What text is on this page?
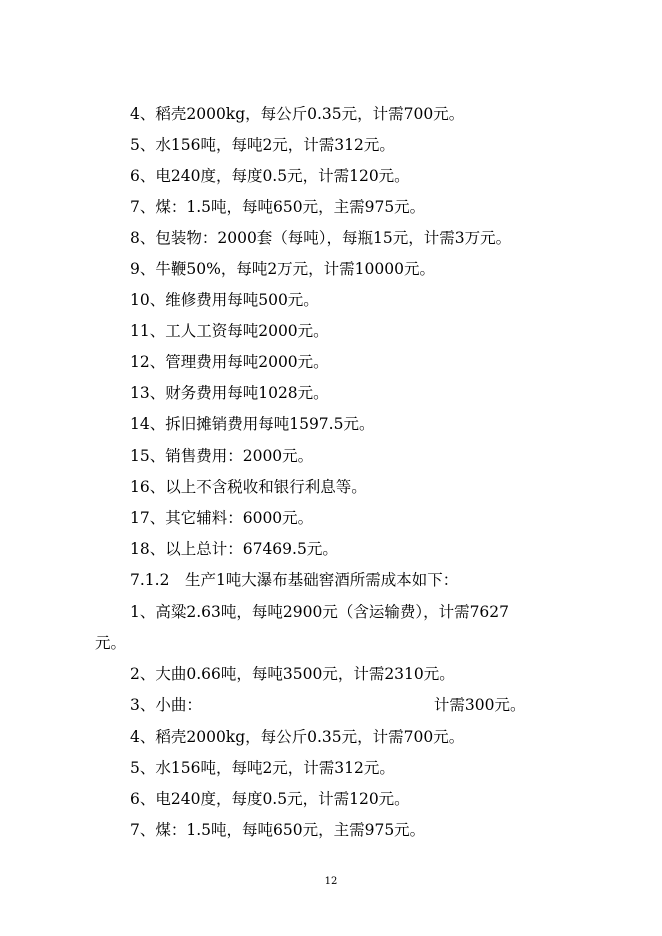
4、稻壳2000kg，每公斤0.35元，计需700元。
5、水156吨，每吨2元，计需312元。
6、电240度，每度0.5元，计需120元。
7、煤：1.5吨，每吨650元，主需975元。
8、包装物：2000套（每吨），每瓶15元，计需3万元。
9、牛鞭50%，每吨2万元，计需10000元。
10、维修费用每吨500元。
11、工人工资每吨2000元。
12、管理费用每吨2000元。
13、财务费用每吨1028元。
14、拆旧摊销费用每吨1597.5元。
15、销售费用：2000元。
16、以上不含税收和银行利息等。
17、其它辅料：6000元。
18、以上总计：67469.5元。
7.1.2　生产1吨大瀑布基础窖酒所需成本如下：
1、高粱2.63吨，每吨2900元（含运输费），计需7627
元。
2、大曲0.66吨，每吨3500元，计需2310元。
3、小曲：	计需300元。
4、稻壳2000kg，每公斤0.35元，计需700元。
5、水156吨，每吨2元，计需312元。
6、电240度，每度0.5元，计需120元。
7、煤：1.5吨，每吨650元，主需975元。
12
